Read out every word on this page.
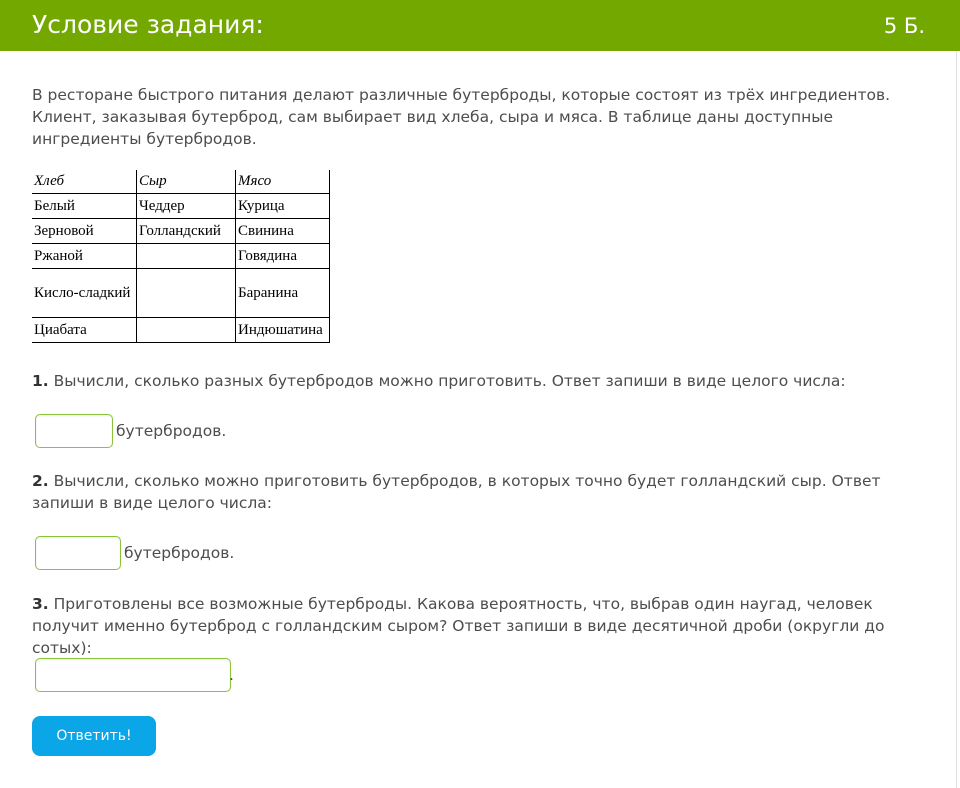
Условие задания:	5 Б.
В ресторане быстрого питания делают различные бутерброды, которые состоят из трёх ингредиентов. Клиент, заказывая бутерброд, сам выбирает вид хлеба, сыра и мяса. В таблице даны доступные ингредиенты бутербродов.
Хлеб	Сыр	Мясо
Белый	Чеддер	Курица
Зерновой	Голландский	Свинина
Ржаной		Говядина
Кисло-сладкий		Баранина
Циабата		Индюшатина
1. Вычисли, сколько разных бутербродов можно приготовить. Ответ запиши в виде целого числа:
бутербродов.
2. Вычисли, сколько можно приготовить бутербродов, в которых точно будет голландский сыр. Ответ запиши в виде целого числа:
бутербродов.
3. Приготовлены все возможные бутерброды. Какова вероятность, что, выбрав один наугад, человек
получит именно бутерброд с голландским сыром? Ответ запиши в виде десятичной дроби (округли до сотых):
.
Ответить!
